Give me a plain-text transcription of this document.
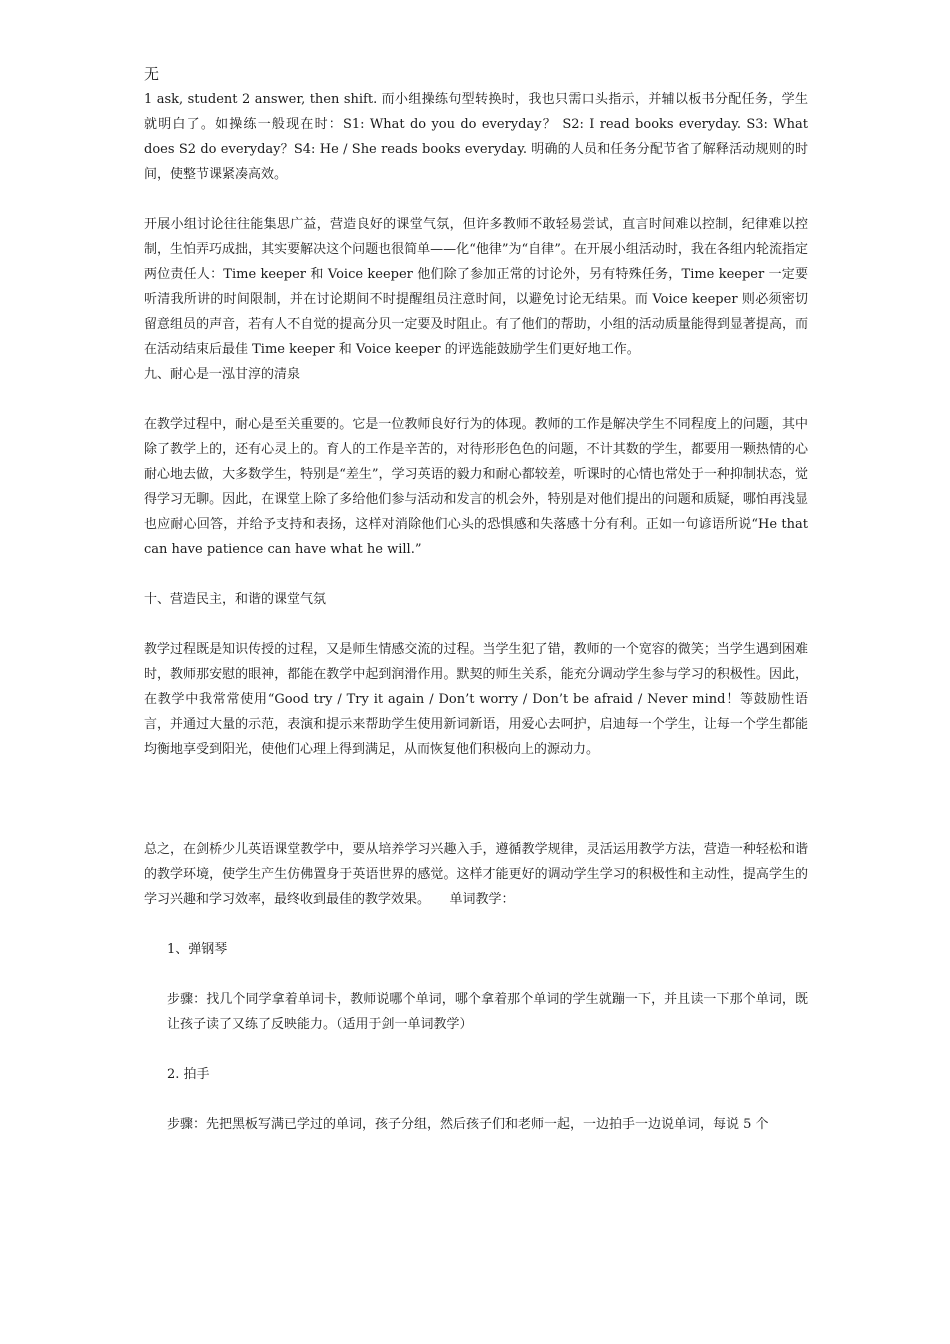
无

1 ask, student 2 answer, then shift. 而小组操练句型转换时，我也只需口头指示，并辅以板书分配任务，学生就明白了。如操练一般现在时：S1: What do you do everyday？ S2: I read books everyday. S3: What does S2 do everyday？S4: He / She reads books everyday. 明确的人员和任务分配节省了解释活动规则的时间，使整节课紧凑高效。

开展小组讨论往往能集思广益，营造良好的课堂气氛，但许多教师不敢轻易尝试，直言时间难以控制，纪律难以控制，生怕弄巧成拙，其实要解决这个问题也很简单——化“他律”为“自律”。在开展小组活动时，我在各组内轮流指定两位责任人：Time keeper 和 Voice keeper 他们除了参加正常的讨论外，另有特殊任务，Time keeper 一定要听清我所讲的时间限制，并在讨论期间不时提醒组员注意时间，以避免讨论无结果。而 Voice keeper 则必须密切留意组员的声音，若有人不自觉的提高分贝一定要及时阻止。有了他们的帮助，小组的活动质量能得到显著提高，而在活动结束后最佳 Time keeper 和 Voice keeper 的评选能鼓励学生们更好地工作。

九、耐心是一泓甘淳的清泉

在教学过程中，耐心是至关重要的。它是一位教师良好行为的体现。教师的工作是解决学生不同程度上的问题，其中除了教学上的，还有心灵上的。育人的工作是辛苦的，对待形形色色的问题，不计其数的学生，都要用一颗热情的心耐心地去做，大多数学生，特别是“差生”，学习英语的毅力和耐心都较差，听课时的心情也常处于一种抑制状态，觉得学习无聊。因此，在课堂上除了多给他们参与活动和发言的机会外，特别是对他们提出的问题和质疑，哪怕再浅显也应耐心回答，并给予支持和表扬，这样对消除他们心头的恐惧感和失落感十分有利。正如一句谚语所说“He that can have patience can have what he will.”

十、营造民主，和谐的课堂气氛

教学过程既是知识传授的过程，又是师生情感交流的过程。当学生犯了错，教师的一个宽容的微笑；当学生遇到困难时，教师那安慰的眼神，都能在教学中起到润滑作用。默契的师生关系，能充分调动学生参与学习的积极性。因此， 在教学中我常常使用“Good try / Try it again / Don’t worry / Don’t be afraid / Never mind！等鼓励性语言，并通过大量的示范，表演和提示来帮助学生使用新词新语，用爱心去呵护，启迪每一个学生，让每一个学生都能均衡地享受到阳光，使他们心理上得到满足，从而恢复他们积极向上的源动力。

总之，在剑桥少儿英语课堂教学中，要从培养学习兴趣入手，遵循教学规律，灵活运用教学方法，营造一种轻松和谐的教学环境，使学生产生仿佛置身于英语世界的感觉。这样才能更好的调动学生学习的积极性和主动性，提高学生的学习兴趣和学习效率，最终收到最佳的教学效果。　　单词教学：

1、弹钢琴

步骤：找几个同学拿着单词卡，教师说哪个单词，哪个拿着那个单词的学生就蹦一下，并且读一下那个单词，既让孩子读了又练了反映能力。（适用于剑一单词教学）

2. 拍手

步骤：先把黑板写满已学过的单词，孩子分组，然后孩子们和老师一起，一边拍手一边说单词，每说 5 个
